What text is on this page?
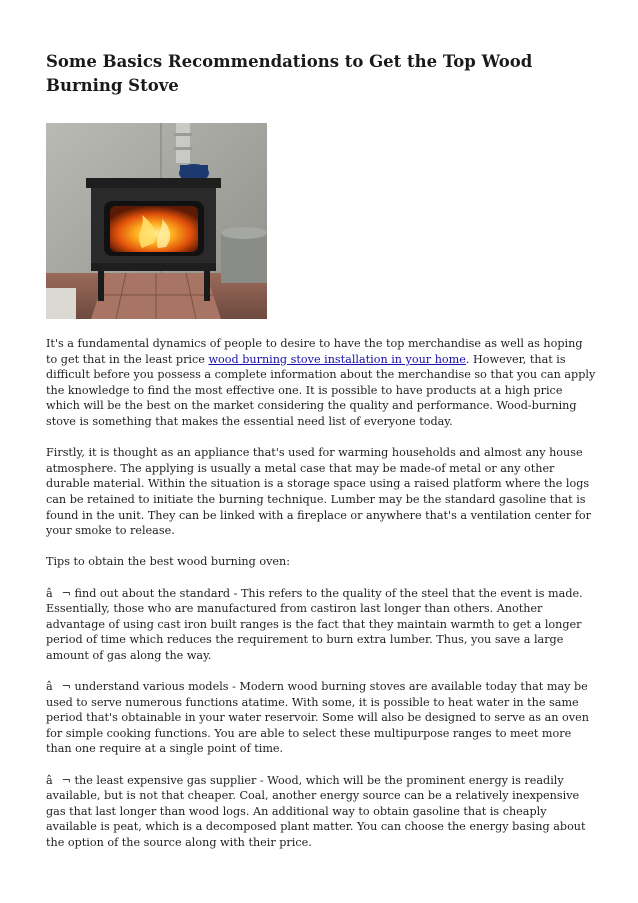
Some Basics Recommendations to Get the Top Wood Burning Stove

It's a fundamental dynamics of people to desire to have the top merchandise as well as hoping to get that in the least price wood burning stove installation in your home. However, that is difficult before you possess a complete information about the merchandise so that you can apply the knowledge to find the most effective one. It is possible to have products at a high price which will be the best on the market considering the quality and performance. Wood-burning stove is something that makes the essential need list of everyone today.

Firstly, it is thought as an appliance that's used for warming households and almost any house atmosphere. The applying is usually a metal case that may be made-of metal or any other durable material. Within the situation is a storage space using a raised platform where the logs can be retained to initiate the burning technique. Lumber may be the standard gasoline that is found in the unit. They can be linked with a fireplace or anywhere that's a ventilation center for your smoke to release.

Tips to obtain the best wood burning oven:

â¬ find out about the standard - This refers to the quality of the steel that the event is made. Essentially, those who are manufactured from castiron last longer than others. Another advantage of using cast iron built ranges is the fact that they maintain warmth to get a longer period of time which reduces the requirement to burn extra lumber. Thus, you save a large amount of gas along the way.

â¬ understand various models - Modern wood burning stoves are available today that may be used to serve numerous functions atatime. With some, it is possible to heat water in the same period that's obtainable in your water reservoir. Some will also be designed to serve as an oven for simple cooking functions. You are able to select these multipurpose ranges to meet more than one require at a single point of time.

â¬ the least expensive gas supplier - Wood, which will be the prominent energy is readily available, but is not that cheaper. Coal, another energy source can be a relatively inexpensive gas that last longer than wood logs. An additional way to obtain gasoline that is cheaply available is peat, which is a decomposed plant matter. You can choose the energy basing about the option of the source along with their price.
